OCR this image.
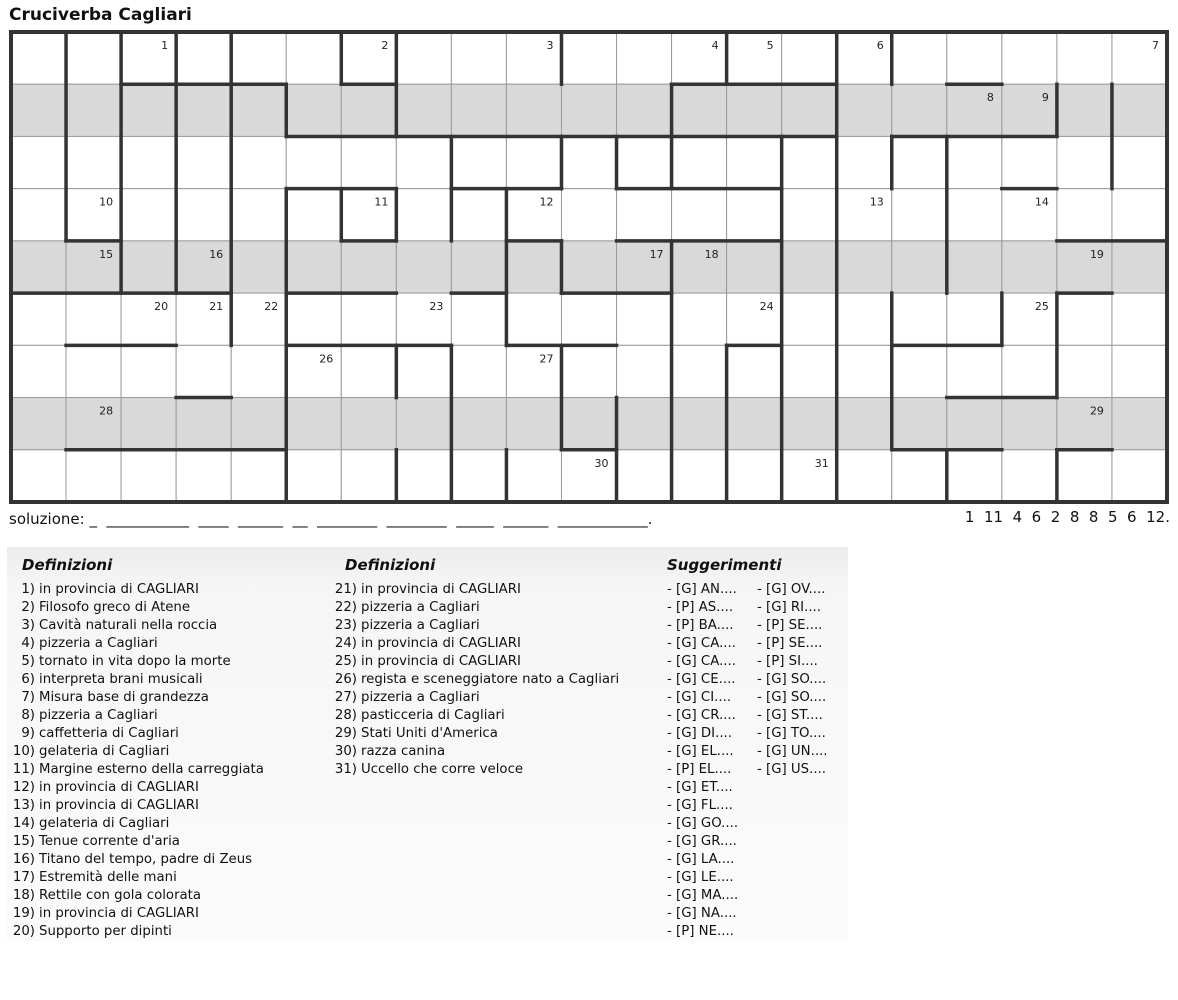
Cruciverba Cagliari
1	2	3	4	5	6	7
8	9
10	11	12	13	14
15	16	17	18	19
20	21	22	23	24	25
26	27
28	29
30	31
soluzione: _  ___________  ____  ______  __  ________  ________  _____  ______  ____________.	1  11  4  6  2  8  8  5  6  12.
Definizioni	Definizioni	Suggerimenti
1) in provincia di CAGLIARI
2) Filosofo greco di Atene
3) Cavità naturali nella roccia
4) pizzeria a Cagliari
5) tornato in vita dopo la morte
6) interpreta brani musicali
7) Misura base di grandezza
8) pizzeria a Cagliari
9) caffetteria di Cagliari
10) gelateria di Cagliari
11) Margine esterno della carreggiata
12) in provincia di CAGLIARI
13) in provincia di CAGLIARI
14) gelateria di Cagliari
15) Tenue corrente d'aria
16) Titano del tempo, padre di Zeus
17) Estremità delle mani
18) Rettile con gola colorata
19) in provincia di CAGLIARI
20) Supporto per dipinti
21) in provincia di CAGLIARI
22) pizzeria a Cagliari
23) pizzeria a Cagliari
24) in provincia di CAGLIARI
25) in provincia di CAGLIARI
26) regista e sceneggiatore nato a Cagliari
27) pizzeria a Cagliari
28) pasticceria di Cagliari
29) Stati Uniti d'America
30) razza canina
31) Uccello che corre veloce
- [G] AN....
- [P] AS....
- [P] BA....
- [G] CA....
- [G] CA....
- [G] CE....
- [G] CI....
- [G] CR....
- [G] DI....
- [G] EL....
- [P] EL....
- [G] ET....
- [G] FL....
- [G] GO....
- [G] GR....
- [G] LA....
- [G] LE....
- [G] MA....
- [G] NA....
- [P] NE....
- [G] OV....
- [G] RI....
- [P] SE....
- [P] SE....
- [P] SI....
- [G] SO....
- [G] SO....
- [G] ST....
- [G] TO....
- [G] UN....
- [G] US....
